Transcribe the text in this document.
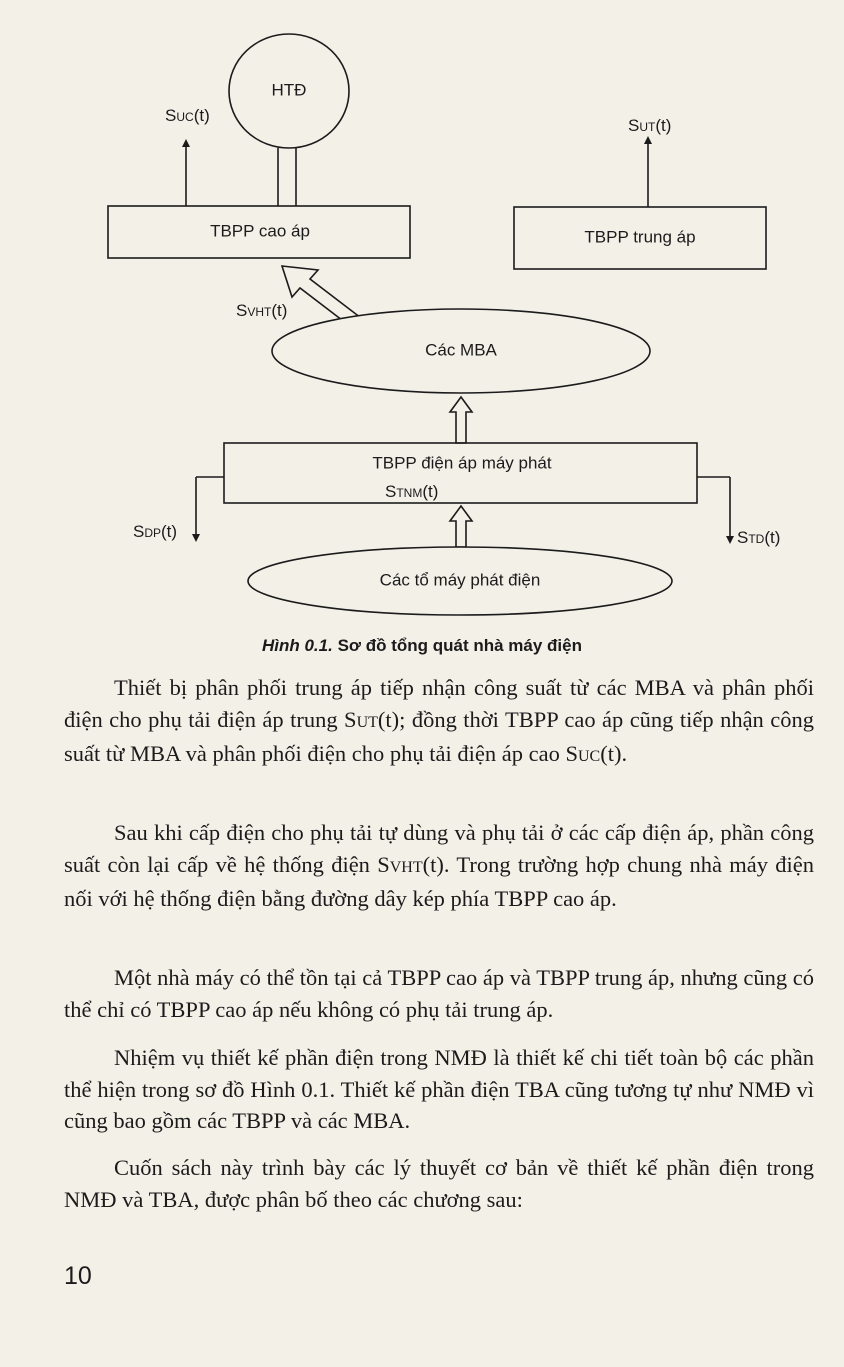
HTĐ
TBPP cao áp	TBPP trung áp
Các MBA
TBPP điện áp máy phát
Các tổ máy phát điện
SUC(t)
SUT(t)
SVHT(t)
STNM(t)
SDP(t)	STD(t)
Hình 0.1. Sơ đồ tổng quát nhà máy điện

Thiết bị phân phối trung áp tiếp nhận công suất từ các MBA và phân phối điện cho phụ tải điện áp trung SUT(t); đồng thời TBPP cao áp cũng tiếp nhận công suất từ MBA và phân phối điện cho phụ tải điện áp cao SUC(t).

Sau khi cấp điện cho phụ tải tự dùng và phụ tải ở các cấp điện áp, phần công suất còn lại cấp về hệ thống điện SVHT(t). Trong trường hợp chung nhà máy điện nối với hệ thống điện bằng đường dây kép phía TBPP cao áp.

Một nhà máy có thể tồn tại cả TBPP cao áp và TBPP trung áp, nhưng cũng có thể chỉ có TBPP cao áp nếu không có phụ tải trung áp.

Nhiệm vụ thiết kế phần điện trong NMĐ là thiết kế chi tiết toàn bộ các phần thể hiện trong sơ đồ Hình 0.1. Thiết kế phần điện TBA cũng tương tự như NMĐ vì cũng bao gồm các TBPP và các MBA.

Cuốn sách này trình bày các lý thuyết cơ bản về thiết kế phần điện trong NMĐ và TBA, được phân bố theo các chương sau:

10
